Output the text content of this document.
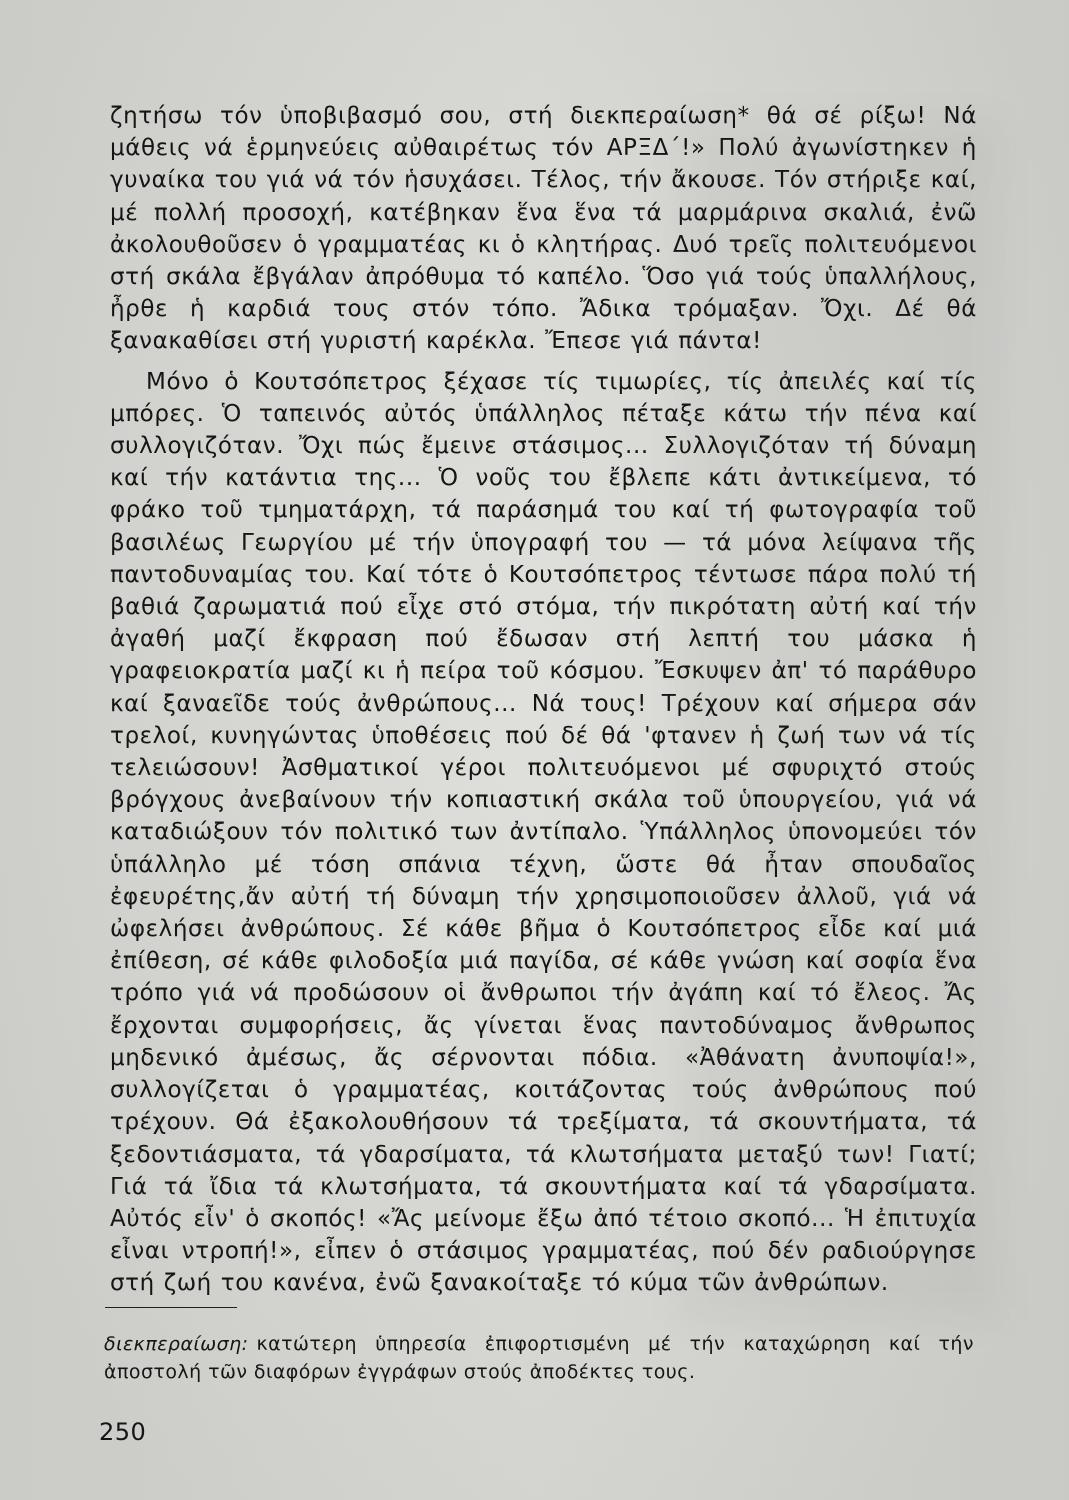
ζητήσω τόν ὑποβιβασμό σου, στή διεκπεραίωση* θά σέ ρίξω! Νά μάθεις νά ἑρμηνεύεις αὐθαιρέτως τόν ΑΡΞΔ΄!» Πολύ ἀγωνίστηκεν ἡ γυναίκα του γιά νά τόν ἡσυχάσει. Τέλος, τήν ἄκουσε. Τόν στήριξε καί, μέ πολλή προσοχή, κατέβηκαν ἕνα ἕνα τά μαρμάρινα σκαλιά, ἐνῶ ἀκολουθοῦσεν ὁ γραμματέας κι ὁ κλητήρας. Δυό τρεῖς πολιτευόμενοι στή σκάλα ἔβγάλαν ἀπρόθυμα τό καπέλο. Ὅσο γιά τούς ὑπαλλήλους, ἦρθε ἡ καρδιά τους στόν τόπο. Ἄδικα τρόμαξαν. Ὄχι. Δέ θά ξανακαθίσει στή γυριστή καρέκλα. Ἔπεσε γιά πάντα!

Μόνο ὁ Κουτσόπετρος ξέχασε τίς τιμωρίες, τίς ἀπειλές καί τίς μπόρες. Ὁ ταπεινός αὐτός ὑπάλληλος πέταξε κάτω τήν πένα καί συλλογιζόταν. Ὄχι πώς ἔμεινε στάσιμος... Συλλογιζόταν τή δύναμη καί τήν κατάντια της... Ὁ νοῦς του ἔβλεπε κάτι ἀντικείμενα, τό φράκο τοῦ τμηματάρχη, τά παράσημά του καί τή φωτογραφία τοῦ βασιλέως Γεωργίου μέ τήν ὑπογραφή του — τά μόνα λείψανα τῆς παντοδυναμίας του. Καί τότε ὁ Κουτσόπετρος τέντωσε πάρα πολύ τή βαθιά ζαρωματιά πού εἶχε στό στόμα, τήν πικρότατη αὐτή καί τήν ἀγαθή μαζί ἔκφραση πού ἔδωσαν στή λεπτή του μάσκα ἡ γραφειοκρατία μαζί κι ἡ πείρα τοῦ κόσμου. Ἔσκυψεν ἀπ' τό παράθυρο καί ξαναεῖδε τούς ἀνθρώπους... Νά τους! Τρέχουν καί σήμερα σάν τρελοί, κυνηγώντας ὑποθέσεις πού δέ θά 'φτανεν ἡ ζωή των νά τίς τελειώσουν! Ἀσθματικοί γέροι πολιτευόμενοι μέ σφυριχτό στούς βρόγχους ἀνεβαίνουν τήν κοπιαστική σκάλα τοῦ ὑπουργείου, γιά νά καταδιώξουν τόν πολιτικό των ἀντίπαλο. Ὑπάλληλος ὑπονομεύει τόν ὑπάλληλο μέ τόση σπάνια τέχνη, ὥστε θά ἦταν σπουδαῖος ἐφευρέτης,ἄν αὐτή τή δύναμη τήν χρησιμοποιοῦσεν ἀλλοῦ, γιά νά ὠφελήσει ἀνθρώπους. Σέ κάθε βῆμα ὁ Κουτσόπετρος εἶδε καί μιά ἐπίθεση, σέ κάθε φιλοδοξία μιά παγίδα, σέ κάθε γνώση καί σοφία ἕνα τρόπο γιά νά προδώσουν οἱ ἄνθρωποι τήν ἀγάπη καί τό ἔλεος. Ἄς ἔρχονται συμφορήσεις, ἄς γίνεται ἕνας παντοδύναμος ἄνθρωπος μηδενικό ἀμέσως, ἄς σέρνονται πόδια. «Ἀθάνατη ἀνυποψία!», συλλογίζεται ὁ γραμματέας, κοιτάζοντας τούς ἀνθρώπους πού τρέχουν. Θά ἐξακολουθήσουν τά τρεξίματα, τά σκουντήματα, τά ξεδοντιάσματα, τά γδαρσίματα, τά κλωτσήματα μεταξύ των! Γιατί; Γιά τά ἴδια τά κλωτσήματα, τά σκουντήματα καί τά γδαρσίματα. Αὐτός εἶν' ὁ σκοπός! «Ἄς μείνομε ἔξω ἀπό τέτοιο σκοπό... Ἡ ἐπιτυχία εἶναι ντροπή!», εἶπεν ὁ στάσιμος γραμματέας, πού δέν ραδιούργησε στή ζωή του κανένα, ἐνῶ ξανακοίταξε τό κύμα τῶν ἀνθρώπων.

διεκπεραίωση: κατώτερη ὑπηρεσία ἐπιφορτισμένη μέ τήν καταχώρηση καί τήν ἀποστολή τῶν διαφόρων ἐγγράφων στούς ἀποδέκτες τους.
250
